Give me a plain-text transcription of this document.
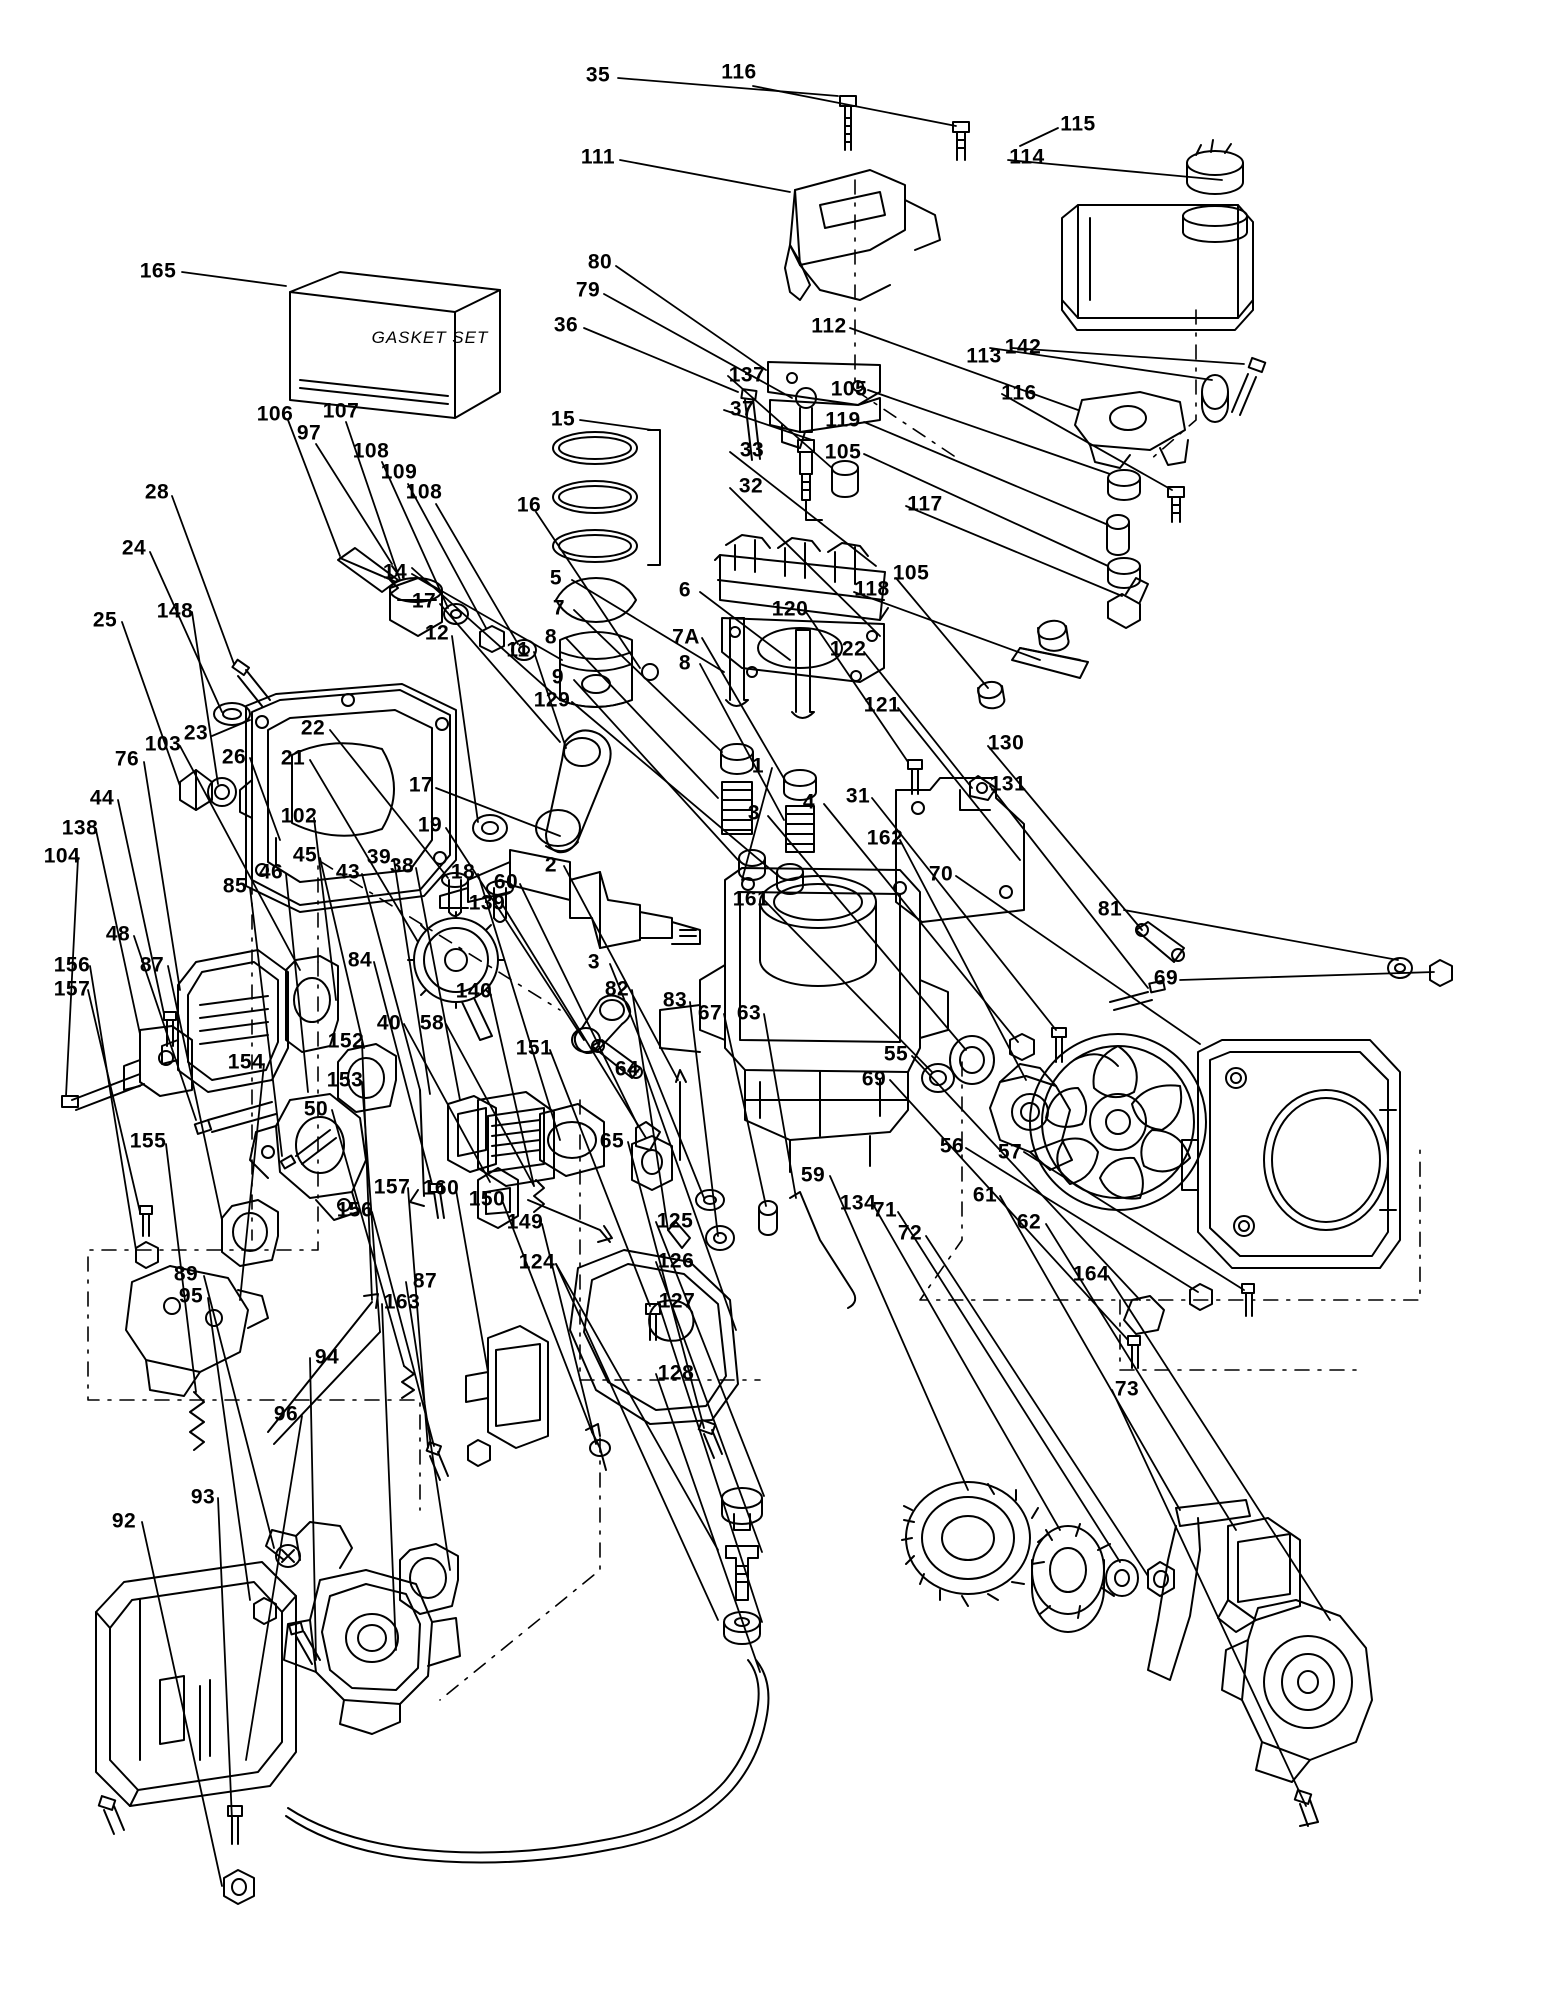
35	116
115
114
111
165	80
79
112
113 142
36
137
37
105	116
119
105
15
106 107
97
108
109
108
33
32
28
16	117
14
24
118
105
148
25
17
5
6
7
12	8	7A
120
11
8
122
9
129
23
103
22
26
121
76	21
130
1
131
17
44
3 4 31
19
138
102
104
162
18	2
38
39
43
45
46	60	70
161
85
139	81
48
69
156 87	84
140
3
157
40 58
82 83
67 63
55
69
152	151
64
154
153
56 57
50
155	65
59
134
157 160 150
156
149
71
72
61
62
125
124	126
164
89	87
127
95	163
94
128
73
96
93
92
GASKET SET
